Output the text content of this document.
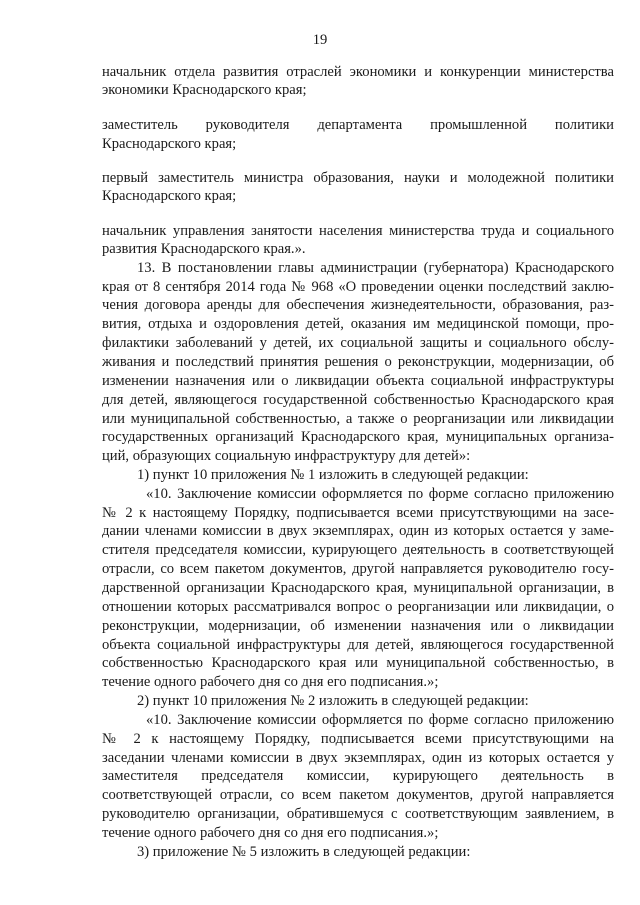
19
начальник отдела развития отраслей экономики и конкуренции министерства
экономики Краснодарского края;
заместитель руководителя департамента промышленной политики
Краснодарского края;
первый заместитель министра образования, науки и молодежной политики
Краснодарского края;
начальник управления занятости населения министерства труда и социального
развития Краснодарского края.».
13. В постановлении главы администрации (губернатора) Краснодарского
края от 8 сентября 2014 года № 968 «О проведении оценки последствий заклю-
чения договора аренды для обеспечения жизнедеятельности, образования, раз-
вития, отдыха и оздоровления детей, оказания им медицинской помощи, про-
филактики заболеваний у детей, их социальной защиты и социального обслу-
живания и последствий принятия решения о реконструкции, модернизации, об
изменении назначения или о ликвидации объекта социальной инфраструктуры
для детей, являющегося государственной собственностью Краснодарского края
или муниципальной собственностью, а также о реорганизации или ликвидации
государственных организаций Краснодарского края, муниципальных организа-
ций, образующих социальную инфраструктуру для детей»:
1) пункт 10 приложения № 1 изложить в следующей редакции:
«10. Заключение комиссии оформляется по форме согласно приложению
№ 2 к настоящему Порядку, подписывается всеми присутствующими на засе-
дании членами комиссии в двух экземплярах, один из которых остается у заме-
стителя председателя комиссии, курирующего деятельность в соответствующей
отрасли, со всем пакетом документов, другой направляется руководителю госу-
дарственной организации Краснодарского края, муниципальной организации, в
отношении которых рассматривался вопрос о реорганизации или ликвидации, о
реконструкции, модернизации, об изменении назначения или о ликвидации
объекта социальной инфраструктуры для детей, являющегося государственной
собственностью Краснодарского края или муниципальной собственностью, в
течение одного рабочего дня со дня его подписания.»;
2) пункт 10 приложения № 2 изложить в следующей редакции:
«10. Заключение комиссии оформляется по форме согласно приложению
№ 2 к настоящему Порядку, подписывается всеми присутствующими на
заседании членами комиссии в двух экземплярах, один из которых остается у
заместителя председателя комиссии, курирующего деятельность в
соответствующей отрасли, со всем пакетом документов, другой направляется
руководителю организации, обратившемуся с соответствующим заявлением, в
течение одного рабочего дня со дня его подписания.»;
3) приложение № 5 изложить в следующей редакции:
